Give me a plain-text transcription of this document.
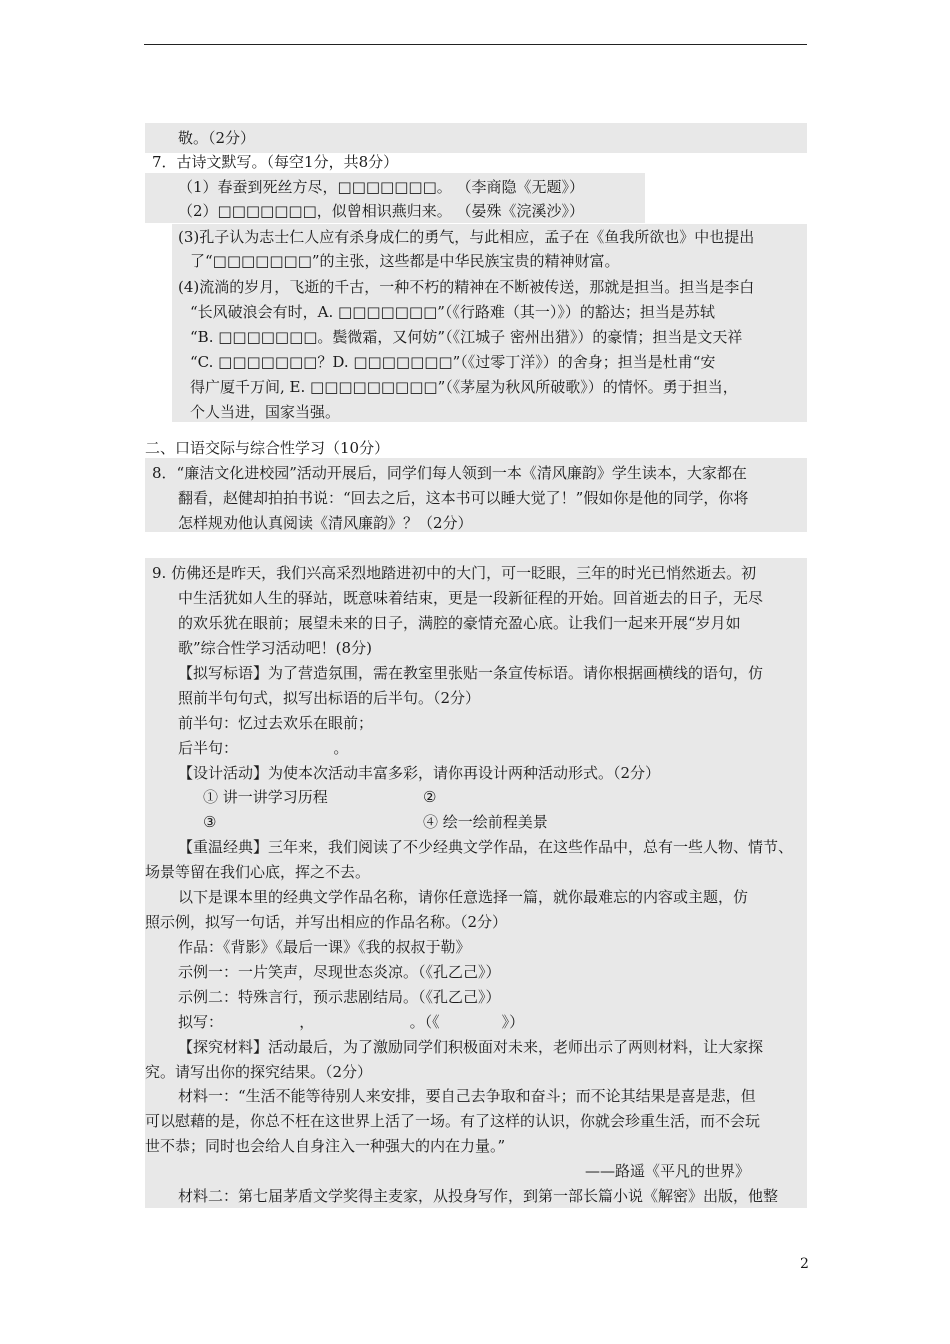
敬。（2分）
7．古诗文默写。（每空1分，共8分）
（1）春蚕到死丝方尽，□□□□□□□。 （李商隐《无题》）
（2）□□□□□□□，似曾相识燕归来。 （晏殊《浣溪沙》）
(3)孔子认为志士仁人应有杀身成仁的勇气，与此相应，孟子在《鱼我所欲也》中也提出
了“□□□□□□□”的主张，这些都是中华民族宝贵的精神财富。
(4)流淌的岁月，飞逝的千古，一种不朽的精神在不断被传送，那就是担当。担当是李白
“长风破浪会有时，A. □□□□□□□”（《行路难（其一）》）的豁达；担当是苏轼
“B. □□□□□□□。鬓微霜，又何妨”（《江城子 密州出猎》）的豪情；担当是文天祥
“C. □□□□□□□？D. □□□□□□□”（《过零丁洋》）的舍身；担当是杜甫“安
得广厦千万间, E. □□□□□□□□□”（《茅屋为秋风所破歌》）的情怀。勇于担当，
个人当进，国家当强。
二、口语交际与综合性学习（10分）
8．“廉洁文化进校园”活动开展后，同学们每人领到一本《清风廉韵》学生读本，大家都在
翻看，赵健却拍拍书说：“回去之后，这本书可以睡大觉了！”假如你是他的同学，你将
怎样规劝他认真阅读《清风廉韵》？（2分）
9. 仿佛还是昨天，我们兴高采烈地踏进初中的大门，可一眨眼，三年的时光已悄然逝去。初
中生活犹如人生的驿站，既意味着结束，更是一段新征程的开始。回首逝去的日子，无尽
的欢乐犹在眼前；展望未来的日子，满腔的豪情充盈心底。让我们一起来开展“岁月如
歌”综合性学习活动吧！(8分)
【拟写标语】为了营造氛围，需在教室里张贴一条宣传标语。请你根据画横线的语句，仿
照前半句句式，拟写出标语的后半句。（2分）
前半句：忆过去欢乐在眼前；
后半句：                    。
【设计活动】为使本次活动丰富多彩，请你再设计两种活动形式。（2分）
① 讲一讲学习历程	②
③	④ 绘一绘前程美景
【重温经典】三年来，我们阅读了不少经典文学作品，在这些作品中，总有一些人物、情节、
场景等留在我们心底，挥之不去。
以下是课本里的经典文学作品名称，请你任意选择一篇，就你最难忘的内容或主题，仿
照示例，拟写一句话，并写出相应的作品名称。（2分）
作品：《背影》《最后一课》《我的叔叔于勒》
示例一：一片笑声，尽现世态炎凉。（《孔乙己》）
示例二：特殊言行，预示悲剧结局。（《孔乙己》）
拟写：                ，                    。（《             》）
【探究材料】活动最后，为了激励同学们积极面对未来，老师出示了两则材料，让大家探
究。请写出你的探究结果。（2分）
材料一：“生活不能等待别人来安排，要自己去争取和奋斗；而不论其结果是喜是悲，但
可以慰藉的是，你总不枉在这世界上活了一场。有了这样的认识，你就会珍重生活，而不会玩
世不恭；同时也会给人自身注入一种强大的内在力量。”
——路遥《平凡的世界》
材料二：第七届茅盾文学奖得主麦家，从投身写作，到第一部长篇小说《解密》出版，他整
2
